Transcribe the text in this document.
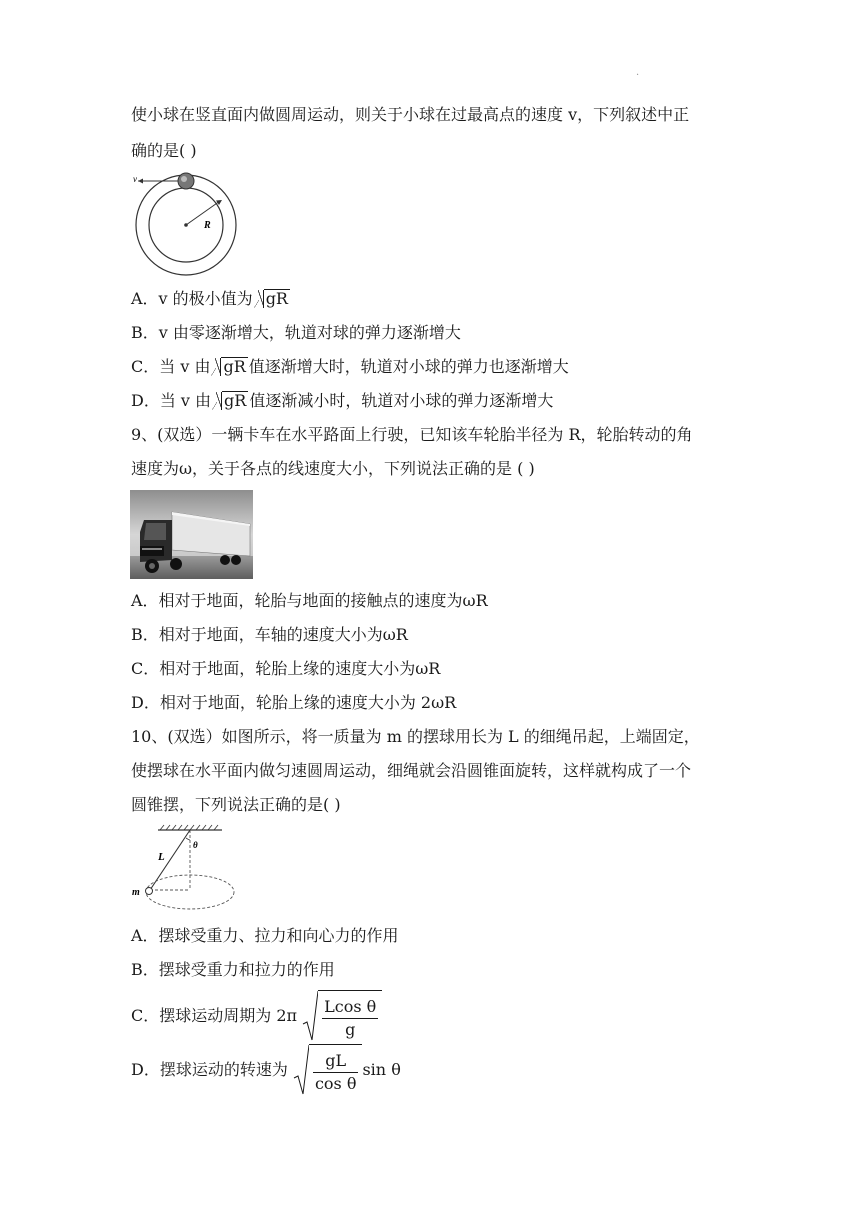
·
使小球在竖直面内做圆周运动，则关于小球在过最高点的速度 v，下列叙述中正
确的是( )
v
R
A．v 的极小值为 gR
B．v 由零逐渐增大，轨道对球的弹力逐渐增大
C．当 v 由 gR 值逐渐增大时，轨道对小球的弹力也逐渐增大
D．当 v 由 gR 值逐渐减小时，轨道对小球的弹力逐渐增大
9、(双选）一辆卡车在水平路面上行驶，已知该车轮胎半径为 R，轮胎转动的角
速度为ω，关于各点的线速度大小，下列说法正确的是 ( )
A．相对于地面，轮胎与地面的接触点的速度为ωR
B．相对于地面，车轴的速度大小为ωR
C．相对于地面，轮胎上缘的速度大小为ωR
D．相对于地面，轮胎上缘的速度大小为 2ωR
10、(双选）如图所示，将一质量为 m 的摆球用长为 L 的细绳吊起，上端固定，
使摆球在水平面内做匀速圆周运动，细绳就会沿圆锥面旋转，这样就构成了一个
圆锥摆，下列说法正确的是( )
L
θ
m
A．摆球受重力、拉力和向心力的作用
B．摆球受重力和拉力的作用
C．摆球运动周期为 $2\pi \frac{\text{Lcos θ}}{g}$
D．摆球运动的转速为 $\frac{gL}{\text{cos θ}}$ sin θ
